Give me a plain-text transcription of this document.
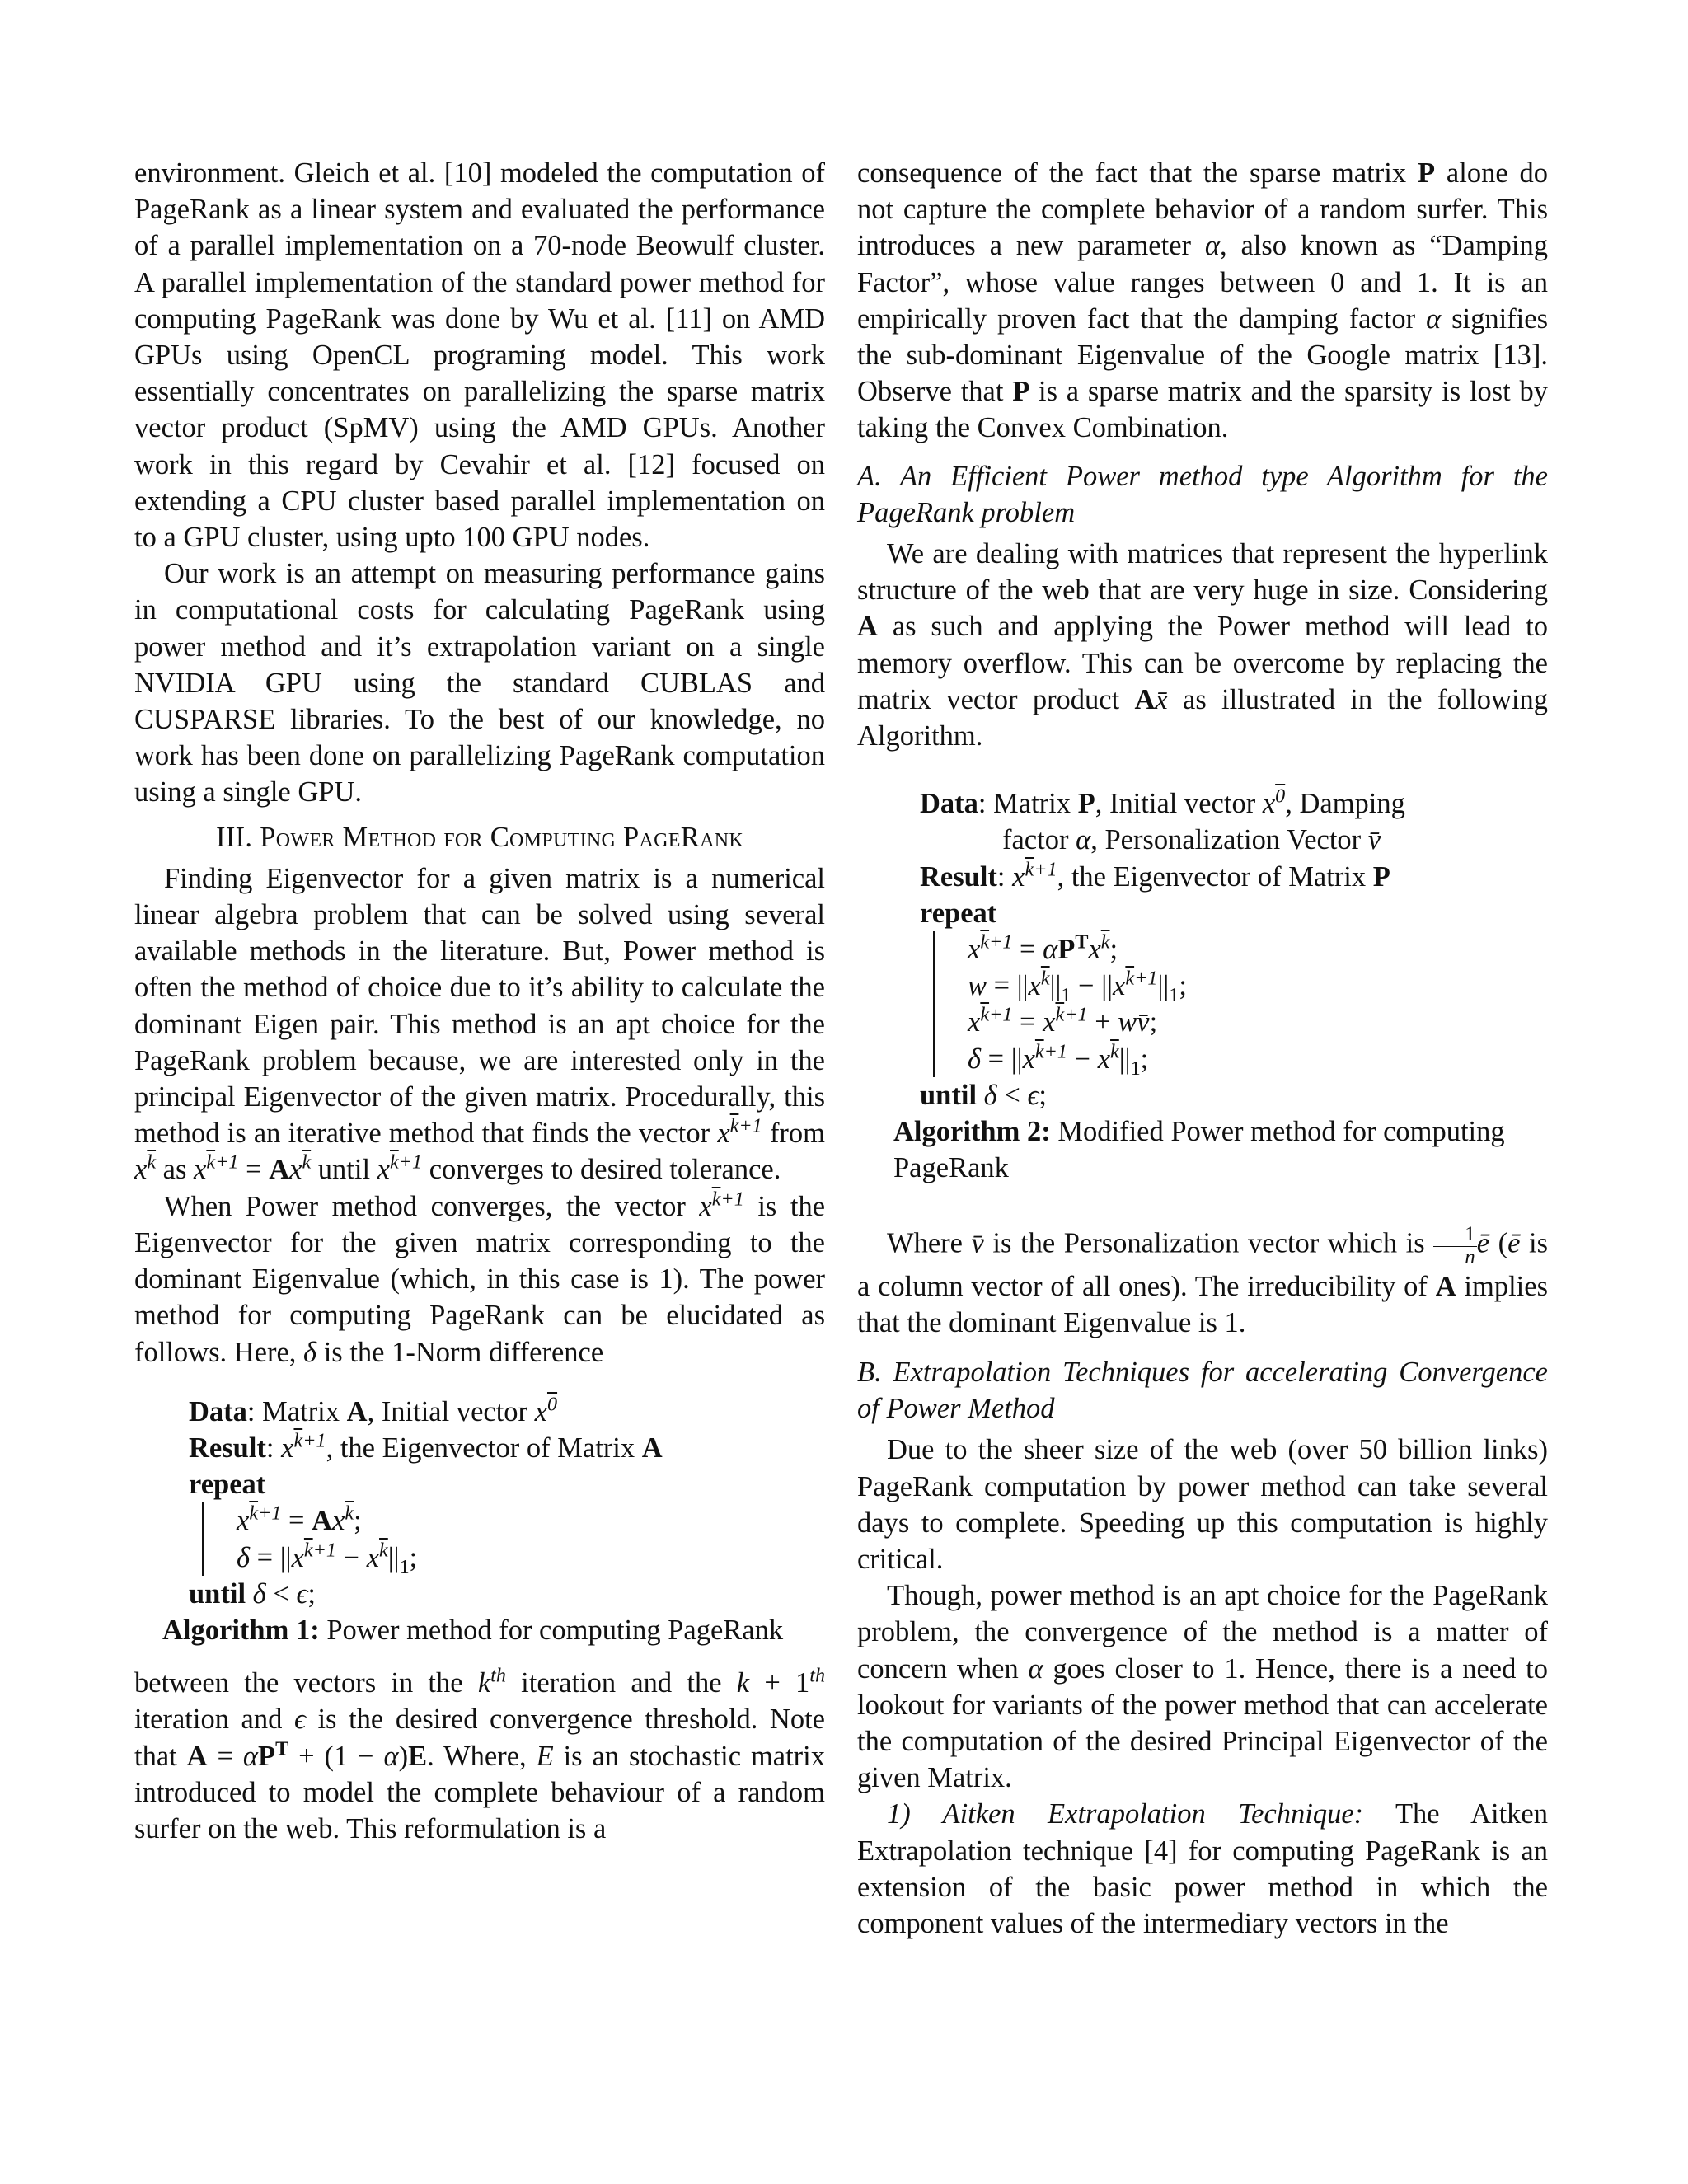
environment. Gleich et al. [10] modeled the computation of PageRank as a linear system and evaluated the performance of a parallel implementation on a 70-node Beowulf cluster. A parallel implementation of the standard power method for computing PageRank was done by Wu et al. [11] on AMD GPUs using OpenCL programing model. This work essentially concentrates on parallelizing the sparse matrix vector product (SpMV) using the AMD GPUs. Another work in this regard by Cevahir et al. [12] focused on extending a CPU cluster based parallel implementation on to a GPU cluster, using upto 100 GPU nodes.

Our work is an attempt on measuring performance gains in computational costs for calculating PageRank using power method and it’s extrapolation variant on a single NVIDIA GPU using the standard CUBLAS and CUSPARSE libraries. To the best of our knowledge, no work has been done on parallelizing PageRank computation using a single GPU.

III. Power Method for Computing PageRank

Finding Eigenvector for a given matrix is a numerical linear algebra problem that can be solved using several available methods in the literature. But, Power method is often the method of choice due to it’s ability to calculate the dominant Eigen pair. This method is an apt choice for the PageRank problem because, we are interested only in the principal Eigenvector of the given matrix. Procedurally, this method is an iterative method that finds the vector $x^{\overline{k}+1}$ from $x^{\overline{k}}$ as $x^{\overline{k}+1} = Ax^{\overline{k}}$ until $x^{\overline{k}+1}$ converges to desired tolerance.

When Power method converges, the vector $x^{\overline{k}+1}$ is the Eigenvector for the given matrix corresponding to the dominant Eigenvalue (which, in this case is 1). The power method for computing PageRank can be elucidated as follows. Here, δ is the 1-Norm difference

Data: Matrix A, Initial vector $x^0$
Result: $x^{\overline{k}+1}$, the Eigenvector of Matrix A
repeat
$x^{\overline{k}+1} = Ax^{\overline{k}}$;
$\delta = ||x^{\overline{k}+1} - x^{\overline{k}}||_1$;
until δ < ϵ;
Algorithm 1: Power method for computing PageRank

between the vectors in the $k^{th}$ iteration and the k + 1th iteration and ϵ is the desired convergence threshold. Note that $A = \alpha P^T + (1 - \alpha)E$. Where, E is an stochastic matrix introduced to model the complete behaviour of a random surfer on the web. This reformulation is a

consequence of the fact that the sparse matrix P alone do not capture the complete behavior of a random surfer. This introduces a new parameter α, also known as “Damping Factor”, whose value ranges between 0 and 1. It is an empirically proven fact that the damping factor α signifies the sub-dominant Eigenvalue of the Google matrix [13]. Observe that P is a sparse matrix and the sparsity is lost by taking the Convex Combination.

A. An Efficient Power method type Algorithm for the PageRank problem

We are dealing with matrices that represent the hyperlink structure of the web that are very huge in size. Considering A as such and applying the Power method will lead to memory overflow. This can be overcome by replacing the matrix vector product Ax̄ as illustrated in the following Algorithm.

Data: Matrix P, Initial vector $x^0$, Damping
factor α, Personalization Vector v̄
Result: $x^{\overline{k}+1}$, the Eigenvector of Matrix P
repeat
$x^{\overline{k}+1} = \alpha P^Tx^{\overline{k}}$;
$w = ||x^{\overline{k}}||_1 - ||x^{\overline{k}+1}||_1$;
$x^{\overline{k}+1} = x^{\overline{k}+1}$ + wv̄;
$\delta = ||x^{\overline{k}+1} - x^{\overline{k}}||_1$;
until δ < ϵ;
Algorithm 2: Modified Power method for computing PageRank

Where v̄ is the Personalization vector which is $\frac{1}{n}$ ē (ē is a column vector of all ones). The irreducibility of A implies that the dominant Eigenvalue is 1.

B. Extrapolation Techniques for accelerating Convergence of Power Method

Due to the sheer size of the web (over 50 billion links) PageRank computation by power method can take several days to complete. Speeding up this computation is highly critical.

Though, power method is an apt choice for the PageRank problem, the convergence of the method is a matter of concern when α goes closer to 1. Hence, there is a need to lookout for variants of the power method that can accelerate the computation of the desired Principal Eigenvector of the given Matrix.

1) Aitken Extrapolation Technique: The Aitken Extrapolation technique [4] for computing PageRank is an extension of the basic power method in which the component values of the intermediary vectors in the
